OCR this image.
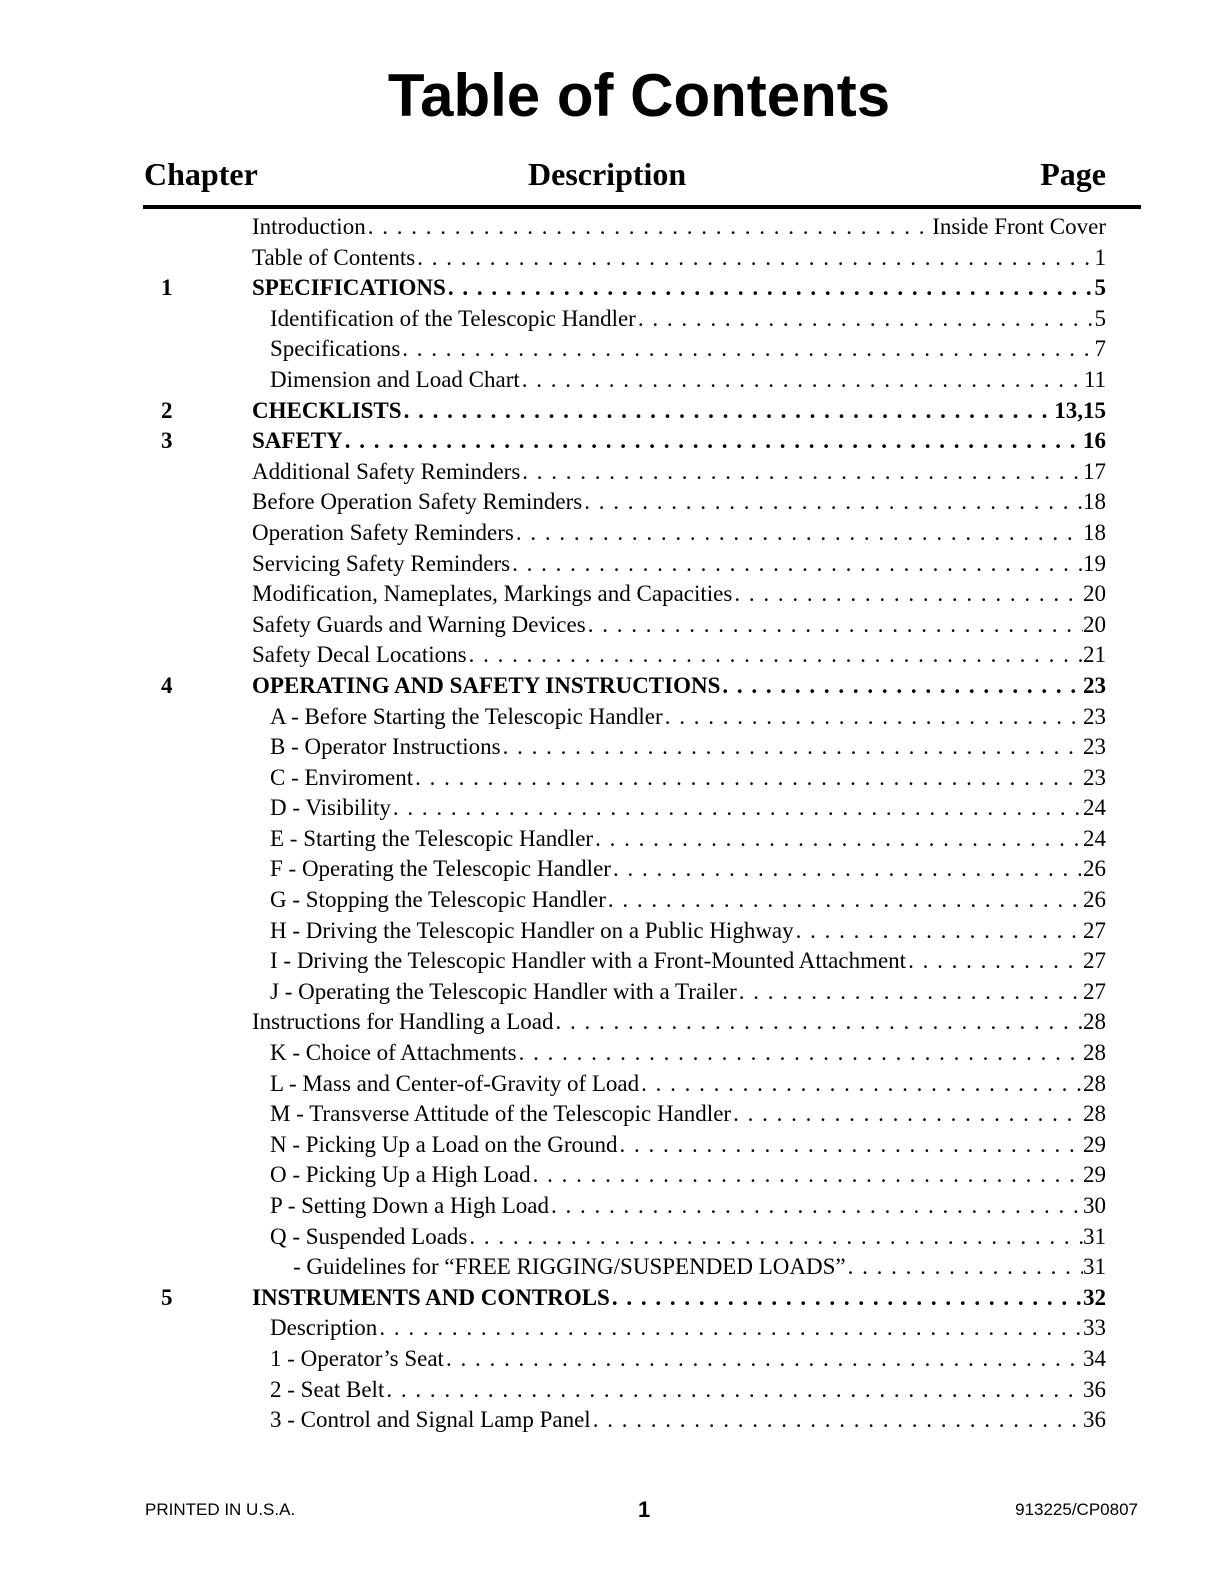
Table of Contents
Chapter	Description	Page
Introduction . . .	Inside Front Cover
Table of Contents . . .	1
1	SPECIFICATIONS . . .	5
Identification of the Telescopic Handler . . .	5
Specifications . . .	7
Dimension and Load Chart . . .	11
2	CHECKLISTS . . .	13,15
3	SAFETY . . .	16
Additional Safety Reminders . . .	17
Before Operation Safety Reminders . . .	18
Operation Safety Reminders . . .	18
Servicing Safety Reminders . . .	19
Modification, Nameplates, Markings and Capacities . . .	20
Safety Guards and Warning Devices . . .	20
Safety Decal Locations . . .	21
4	OPERATING AND SAFETY INSTRUCTIONS . . .	23
A - Before Starting the Telescopic Handler . . .	23
B - Operator Instructions . . .	23
C - Enviroment . . .	23
D - Visibility . . .	24
E - Starting the Telescopic Handler . . .	24
F - Operating the Telescopic Handler . . .	26
G - Stopping the Telescopic Handler . . .	26
H - Driving the Telescopic Handler on a Public Highway . . .	27
I - Driving the Telescopic Handler with a Front-Mounted Attachment . . .	27
J - Operating the Telescopic Handler with a Trailer . . .	27
Instructions for Handling a Load . . .	28
K - Choice of Attachments . . .	28
L - Mass and Center-of-Gravity of Load . . .	28
M - Transverse Attitude of the Telescopic Handler . . .	28
N - Picking Up a Load on the Ground . . .	29
O - Picking Up a High Load . . .	29
P - Setting Down a High Load . . .	30
Q - Suspended Loads . . .	31
- Guidelines for “FREE RIGGING/SUSPENDED LOADS” . . .	31
5	INSTRUMENTS AND CONTROLS . . .	32
Description . . .	33
1 - Operator’s Seat . . .	34
2 - Seat Belt . . .	36
3 - Control and Signal Lamp Panel . . .	36
PRINTED IN U.S.A.	1	913225/CP0807
